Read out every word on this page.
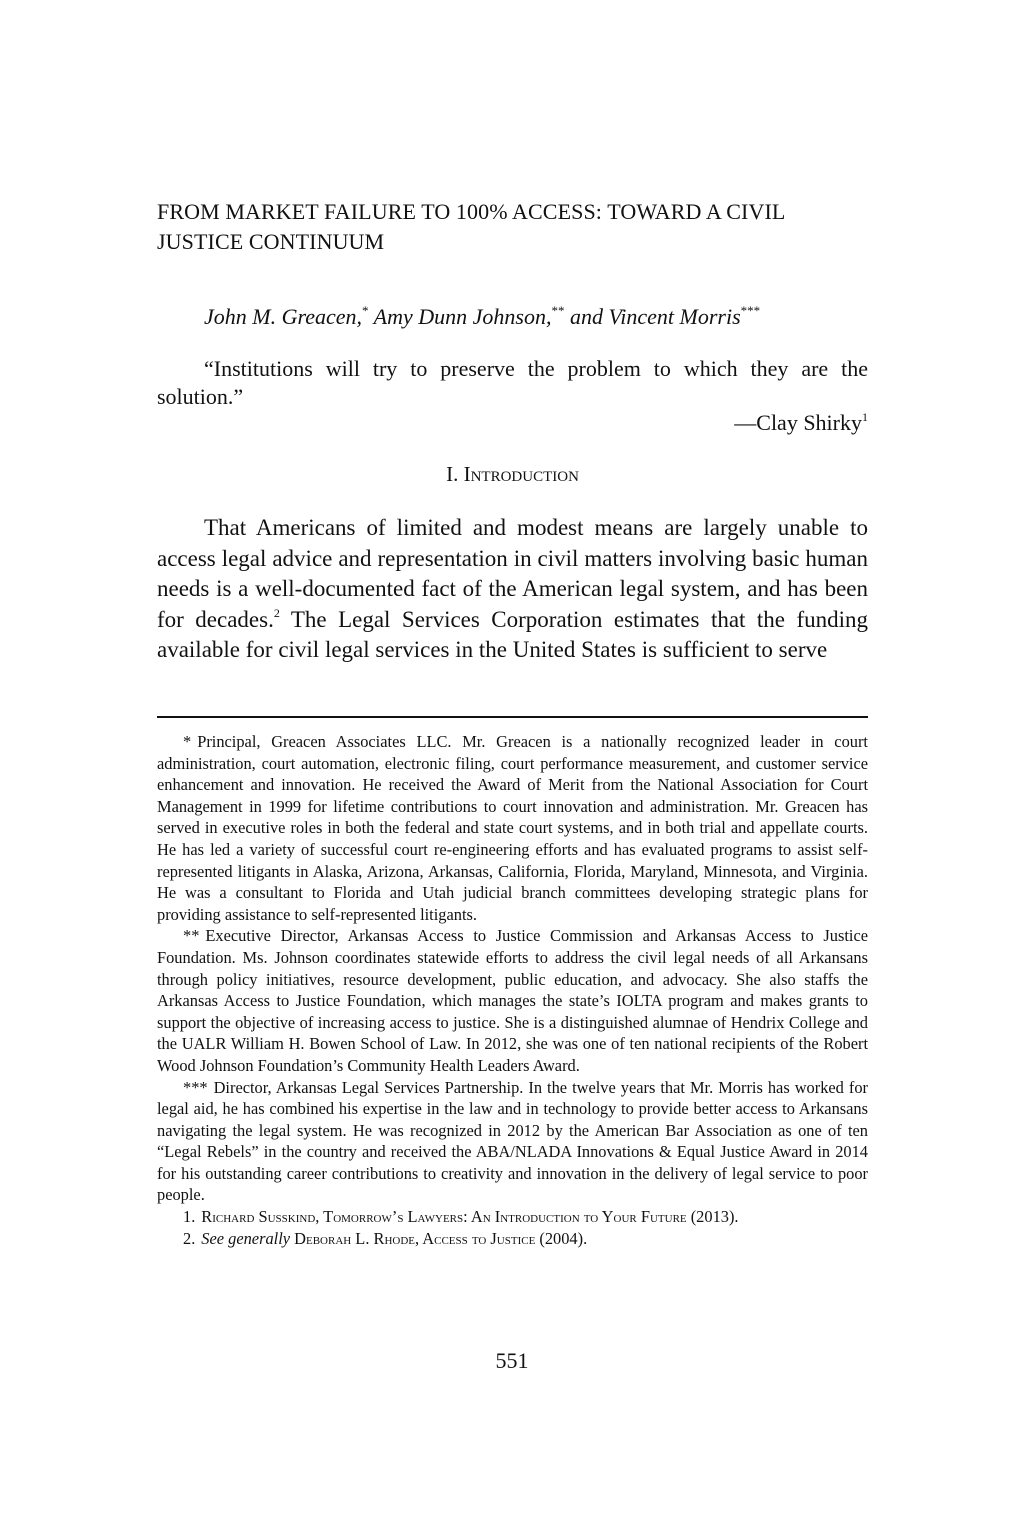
FROM MARKET FAILURE TO 100% ACCESS: TOWARD A CIVIL JUSTICE CONTINUUM
John M. Greacen,* Amy Dunn Johnson,** and Vincent Morris***
“Institutions will try to preserve the problem to which they are the solution.”
—Clay Shirky$^1$
I. Introduction
That Americans of limited and modest means are largely unable to access legal advice and representation in civil matters involving basic human needs is a well-documented fact of the American legal system, and has been for decades.$^2$ The Legal Services Corporation estimates that the funding available for civil legal services in the United States is sufficient to serve

* Principal, Greacen Associates LLC. Mr. Greacen is a nationally recognized leader in court administration, court automation, electronic filing, court performance measurement, and customer service enhancement and innovation. He received the Award of Merit from the National Association for Court Management in 1999 for lifetime contributions to court innovation and administration. Mr. Greacen has served in executive roles in both the federal and state court systems, and in both trial and appellate courts. He has led a variety of successful court re-engineering efforts and has evaluated programs to assist self-represented litigants in Alaska, Arizona, Arkansas, California, Florida, Maryland, Minnesota, and Virginia. He was a consultant to Florida and Utah judicial branch committees developing strategic plans for providing assistance to self-represented litigants.

** Executive Director, Arkansas Access to Justice Commission and Arkansas Access to Justice Foundation. Ms. Johnson coordinates statewide efforts to address the civil legal needs of all Arkansans through policy initiatives, resource development, public education, and advocacy. She also staffs the Arkansas Access to Justice Foundation, which manages the state’s IOLTA program and makes grants to support the objective of increasing access to justice. She is a distinguished alumnae of Hendrix College and the UALR William H. Bowen School of Law. In 2012, she was one of ten national recipients of the Robert Wood Johnson Foundation’s Community Health Leaders Award.

*** Director, Arkansas Legal Services Partnership. In the twelve years that Mr. Morris has worked for legal aid, he has combined his expertise in the law and in technology to provide better access to Arkansans navigating the legal system. He was recognized in 2012 by the American Bar Association as one of ten “Legal Rebels” in the country and received the ABA/NLADA Innovations & Equal Justice Award in 2014 for his outstanding career contributions to creativity and innovation in the delivery of legal service to poor people.

1. Richard Susskind, Tomorrow’s Lawyers: An Introduction to Your Future (2013).

2. See generally Deborah L. Rhode, Access to Justice (2004).

551
